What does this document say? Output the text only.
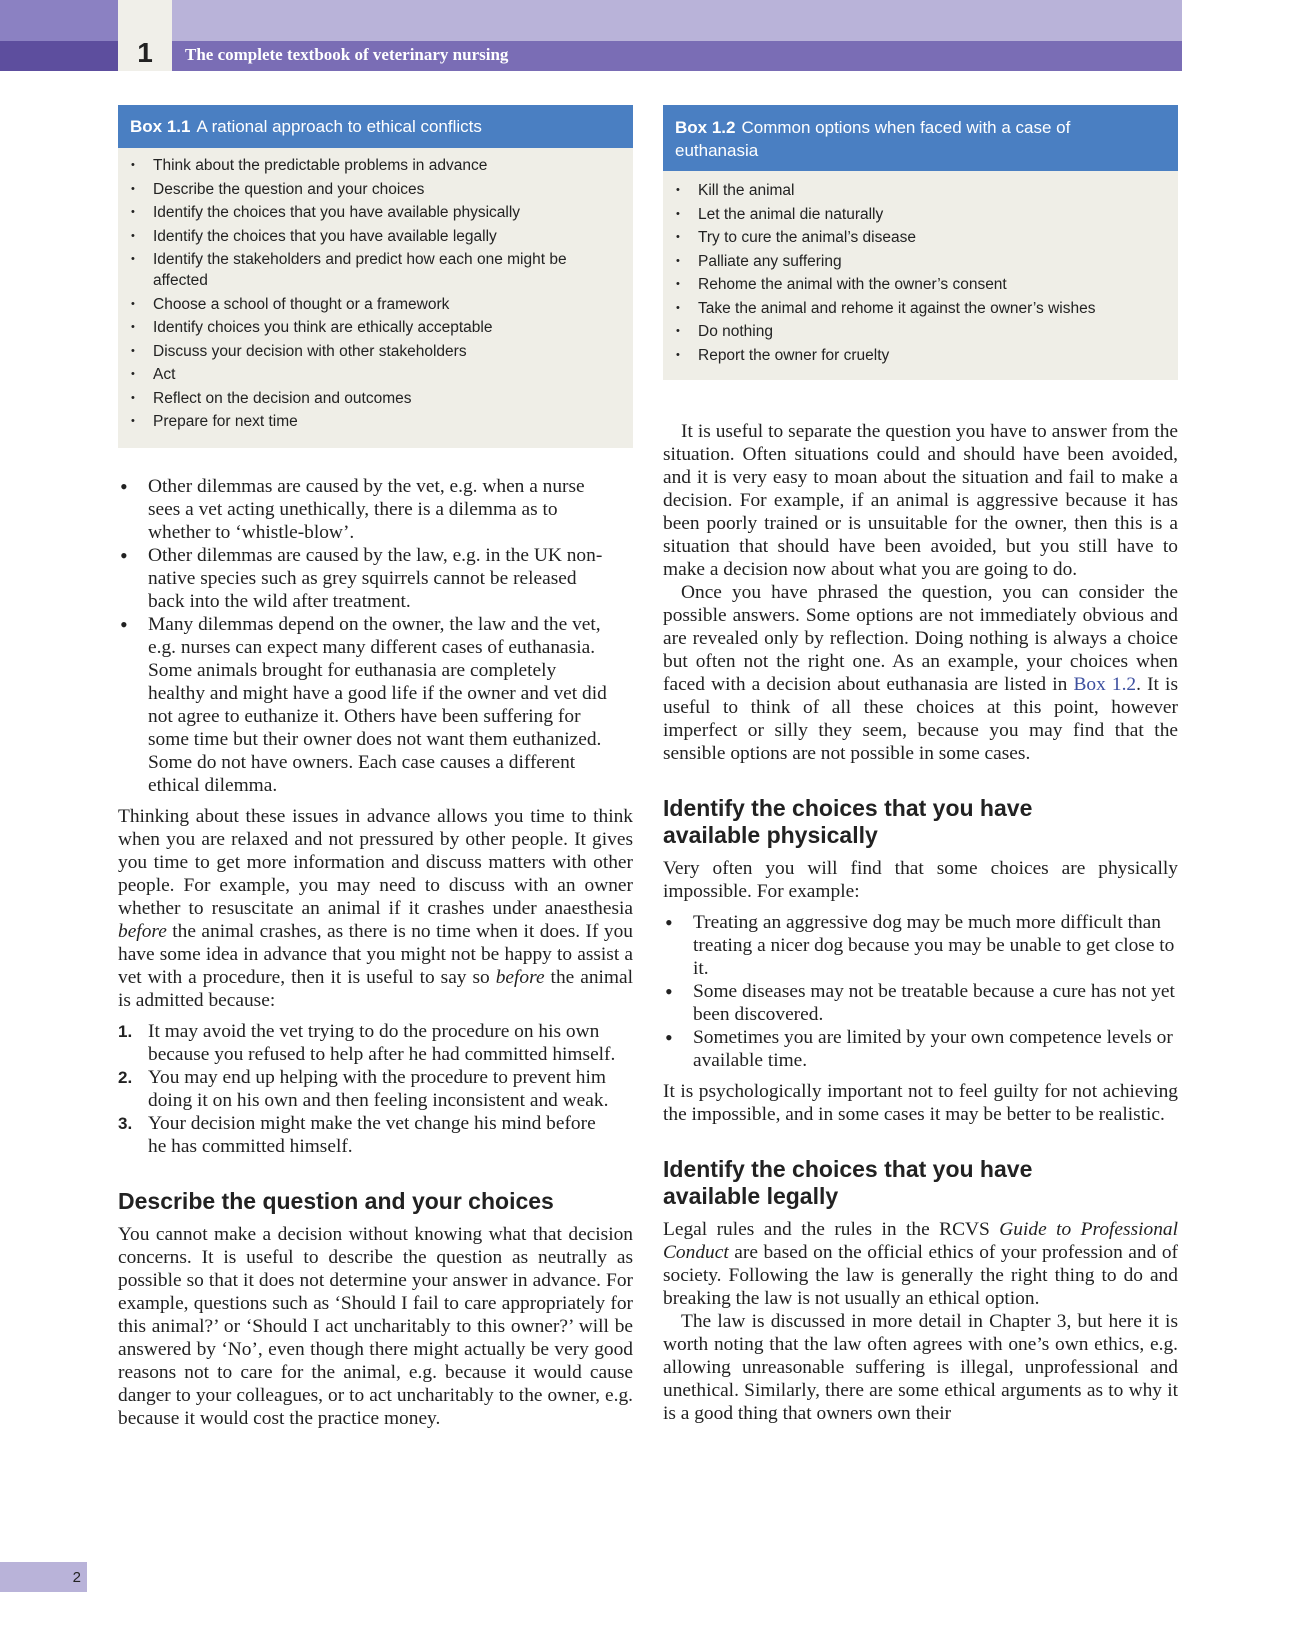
1	The complete textbook of veterinary nursing
Box 1.1 A rational approach to ethical conflicts
• Think about the predictable problems in advance
• Describe the question and your choices
• Identify the choices that you have available physically
• Identify the choices that you have available legally
• Identify the stakeholders and predict how each one might be affected
• Choose a school of thought or a framework
• Identify choices you think are ethically acceptable
• Discuss your decision with other stakeholders
• Act
• Reflect on the decision and outcomes
• Prepare for next time
Box 1.2 Common options when faced with a case of euthanasia
• Kill the animal
• Let the animal die naturally
• Try to cure the animal’s disease
• Palliate any suffering
• Rehome the animal with the owner’s consent
• Take the animal and rehome it against the owner’s wishes
• Do nothing
• Report the owner for cruelty
• Other dilemmas are caused by the vet, e.g. when a nurse sees a vet acting unethically, there is a dilemma as to whether to ‘whistle-blow’.
• Other dilemmas are caused by the law, e.g. in the UK non-native species such as grey squirrels cannot be released back into the wild after treatment.
• Many dilemmas depend on the owner, the law and the vet, e.g. nurses can expect many different cases of euthanasia. Some animals brought for euthanasia are completely healthy and might have a good life if the owner and vet did not agree to euthanize it. Others have been suffering for some time but their owner does not want them euthanized. Some do not have owners. Each case causes a different ethical dilemma.

Thinking about these issues in advance allows you time to think when you are relaxed and not pressured by other people. It gives you time to get more information and discuss matters with other people. For example, you may need to discuss with an owner whether to resuscitate an animal if it crashes under anaesthesia before the animal crashes, as there is no time when it does. If you have some idea in advance that you might not be happy to assist a vet with a procedure, then it is useful to say so before the animal is admitted because:

1. It may avoid the vet trying to do the procedure on his own because you refused to help after he had committed himself.
2. You may end up helping with the procedure to prevent him doing it on his own and then feeling inconsistent and weak.
3. Your decision might make the vet change his mind before he has committed himself.
Describe the question and your choices

You cannot make a decision without knowing what that decision concerns. It is useful to describe the question as neutrally as possible so that it does not determine your answer in advance. For example, questions such as ‘Should I fail to care appropriately for this animal?’ or ‘Should I act uncharitably to this owner?’ will be answered by ‘No’, even though there might actually be very good reasons not to care for the animal, e.g. because it would cause danger to your colleagues, or to act uncharitably to the owner, e.g. because it would cost the practice money.

It is useful to separate the question you have to answer from the situation. Often situations could and should have been avoided, and it is very easy to moan about the situation and fail to make a decision. For example, if an animal is aggressive because it has been poorly trained or is unsuitable for the owner, then this is a situation that should have been avoided, but you still have to make a decision now about what you are going to do.

Once you have phrased the question, you can consider the possible answers. Some options are not immediately obvious and are revealed only by reflection. Doing nothing is always a choice but often not the right one. As an example, your choices when faced with a decision about euthanasia are listed in Box 1.2. It is useful to think of all these choices at this point, however imperfect or silly they seem, because you may find that the sensible options are not possible in some cases.

Identify the choices that you have available physically

Very often you will find that some choices are physically impossible. For example:

• Treating an aggressive dog may be much more difficult than treating a nicer dog because you may be unable to get close to it.
• Some diseases may not be treatable because a cure has not yet been discovered.
• Sometimes you are limited by your own competence levels or available time.

It is psychologically important not to feel guilty for not achieving the impossible, and in some cases it may be better to be realistic.

Identify the choices that you have available legally

Legal rules and the rules in the RCVS Guide to Professional Conduct are based on the official ethics of your profession and of society. Following the law is generally the right thing to do and breaking the law is not usually an ethical option.

The law is discussed in more detail in Chapter 3, but here it is worth noting that the law often agrees with one’s own ethics, e.g. allowing unreasonable suffering is illegal, unprofessional and unethical. Similarly, there are some ethical arguments as to why it is a good thing that owners own their

2
